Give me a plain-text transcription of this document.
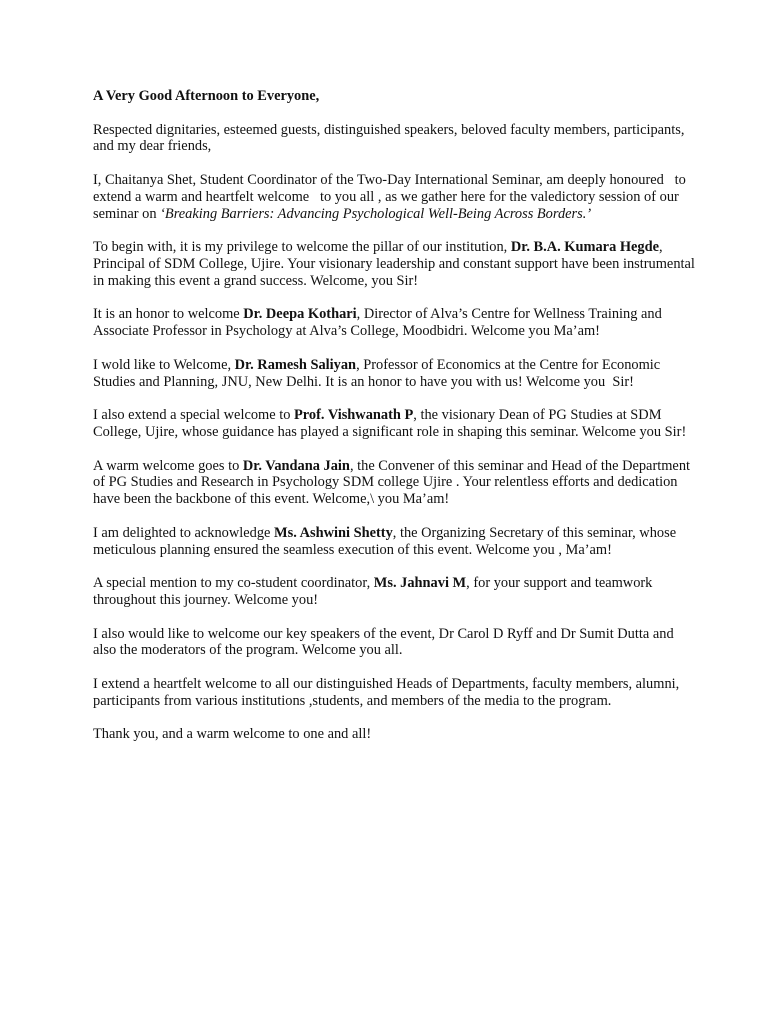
A Very Good Afternoon to Everyone,

Respected dignitaries, esteemed guests, distinguished speakers, beloved faculty members, participants, and my dear friends,

I, Chaitanya Shet, Student Coordinator of the Two-Day International Seminar, am deeply honoured   to extend a warm and heartfelt welcome   to you all , as we gather here for the valedictory session of our seminar on ‘Breaking Barriers: Advancing Psychological Well-Being Across Borders.’

To begin with, it is my privilege to welcome the pillar of our institution, Dr. B.A. Kumara Hegde, Principal of SDM College, Ujire. Your visionary leadership and constant support have been instrumental in making this event a grand success. Welcome, you Sir!

It is an honor to welcome Dr. Deepa Kothari, Director of Alva’s Centre for Wellness Training and Associate Professor in Psychology at Alva’s College, Moodbidri. Welcome you Ma’am!

I wold like to Welcome, Dr. Ramesh Saliyan, Professor of Economics at the Centre for Economic Studies and Planning, JNU, New Delhi. It is an honor to have you with us! Welcome you  Sir!

I also extend a special welcome to Prof. Vishwanath P, the visionary Dean of PG Studies at SDM College, Ujire, whose guidance has played a significant role in shaping this seminar. Welcome you Sir!

A warm welcome goes to Dr. Vandana Jain, the Convener of this seminar and Head of the Department of PG Studies and Research in Psychology SDM college Ujire . Your relentless efforts and dedication have been the backbone of this event. Welcome,\ you Ma’am!

I am delighted to acknowledge Ms. Ashwini Shetty, the Organizing Secretary of this seminar, whose meticulous planning ensured the seamless execution of this event. Welcome you , Ma’am!

A special mention to my co-student coordinator, Ms. Jahnavi M, for your support and teamwork throughout this journey. Welcome you!

I also would like to welcome our key speakers of the event, Dr Carol D Ryff and Dr Sumit Dutta and also the moderators of the program. Welcome you all.

I extend a heartfelt welcome to all our distinguished Heads of Departments, faculty members, alumni, participants from various institutions ,students, and members of the media to the program.

Thank you, and a warm welcome to one and all!
